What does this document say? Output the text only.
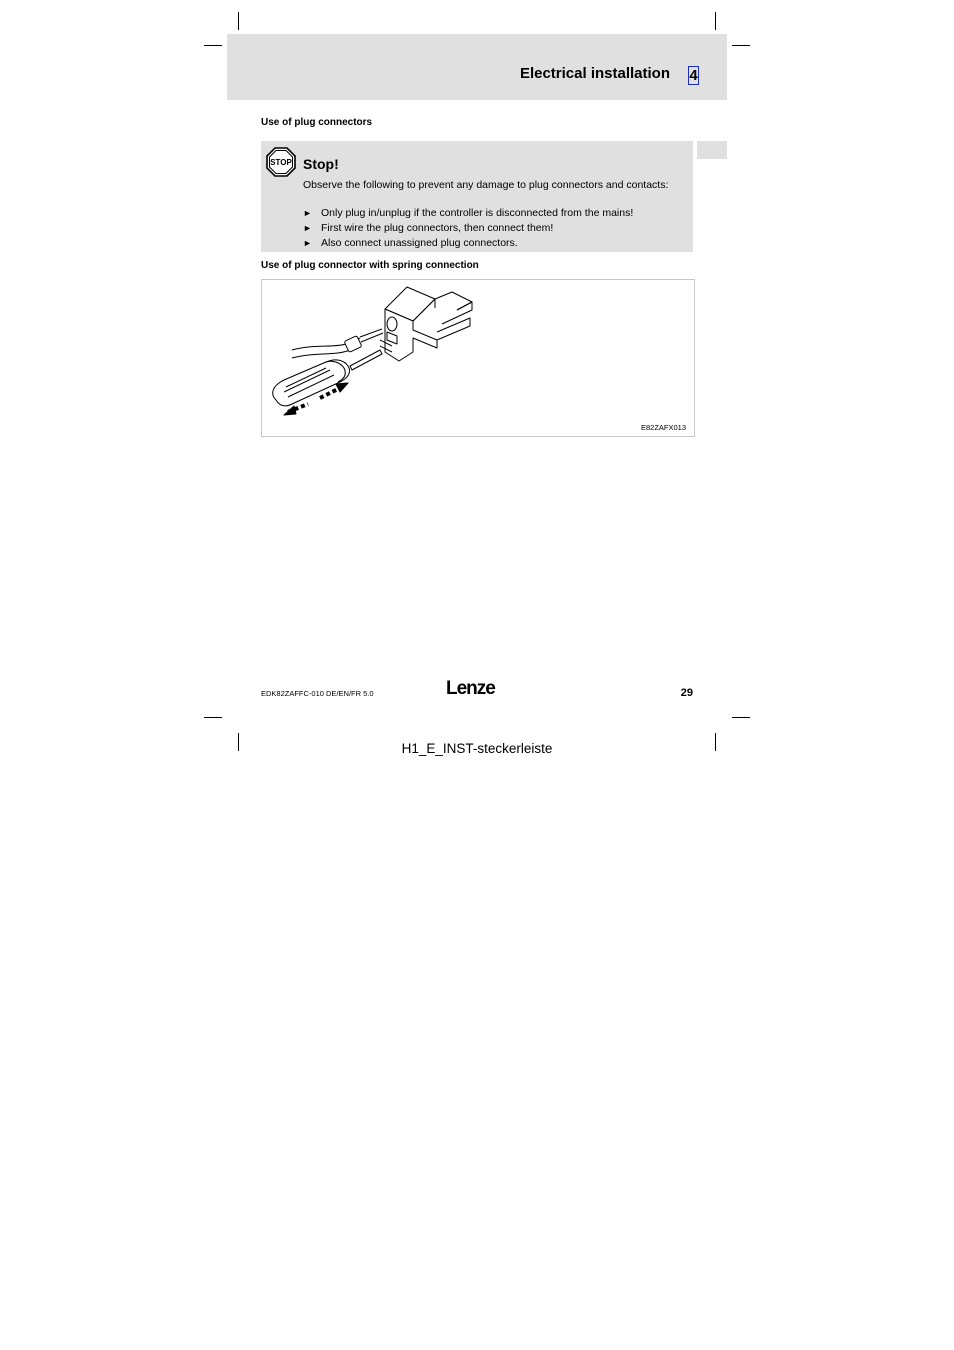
Electrical installation 4
Use of plug connectors
STOP Stop!
Observe the following to prevent any damage to plug connectors and contacts:
► Only plug in/unplug if the controller is disconnected from the mains!
► First wire the plug connectors, then connect them!
► Also connect unassigned plug connectors.
Use of plug connector with spring connection
E82ZAFX013
EDK82ZAFFC-010 DE/EN/FR 5.0	Lenze	29
H1_E_INST-steckerleiste
